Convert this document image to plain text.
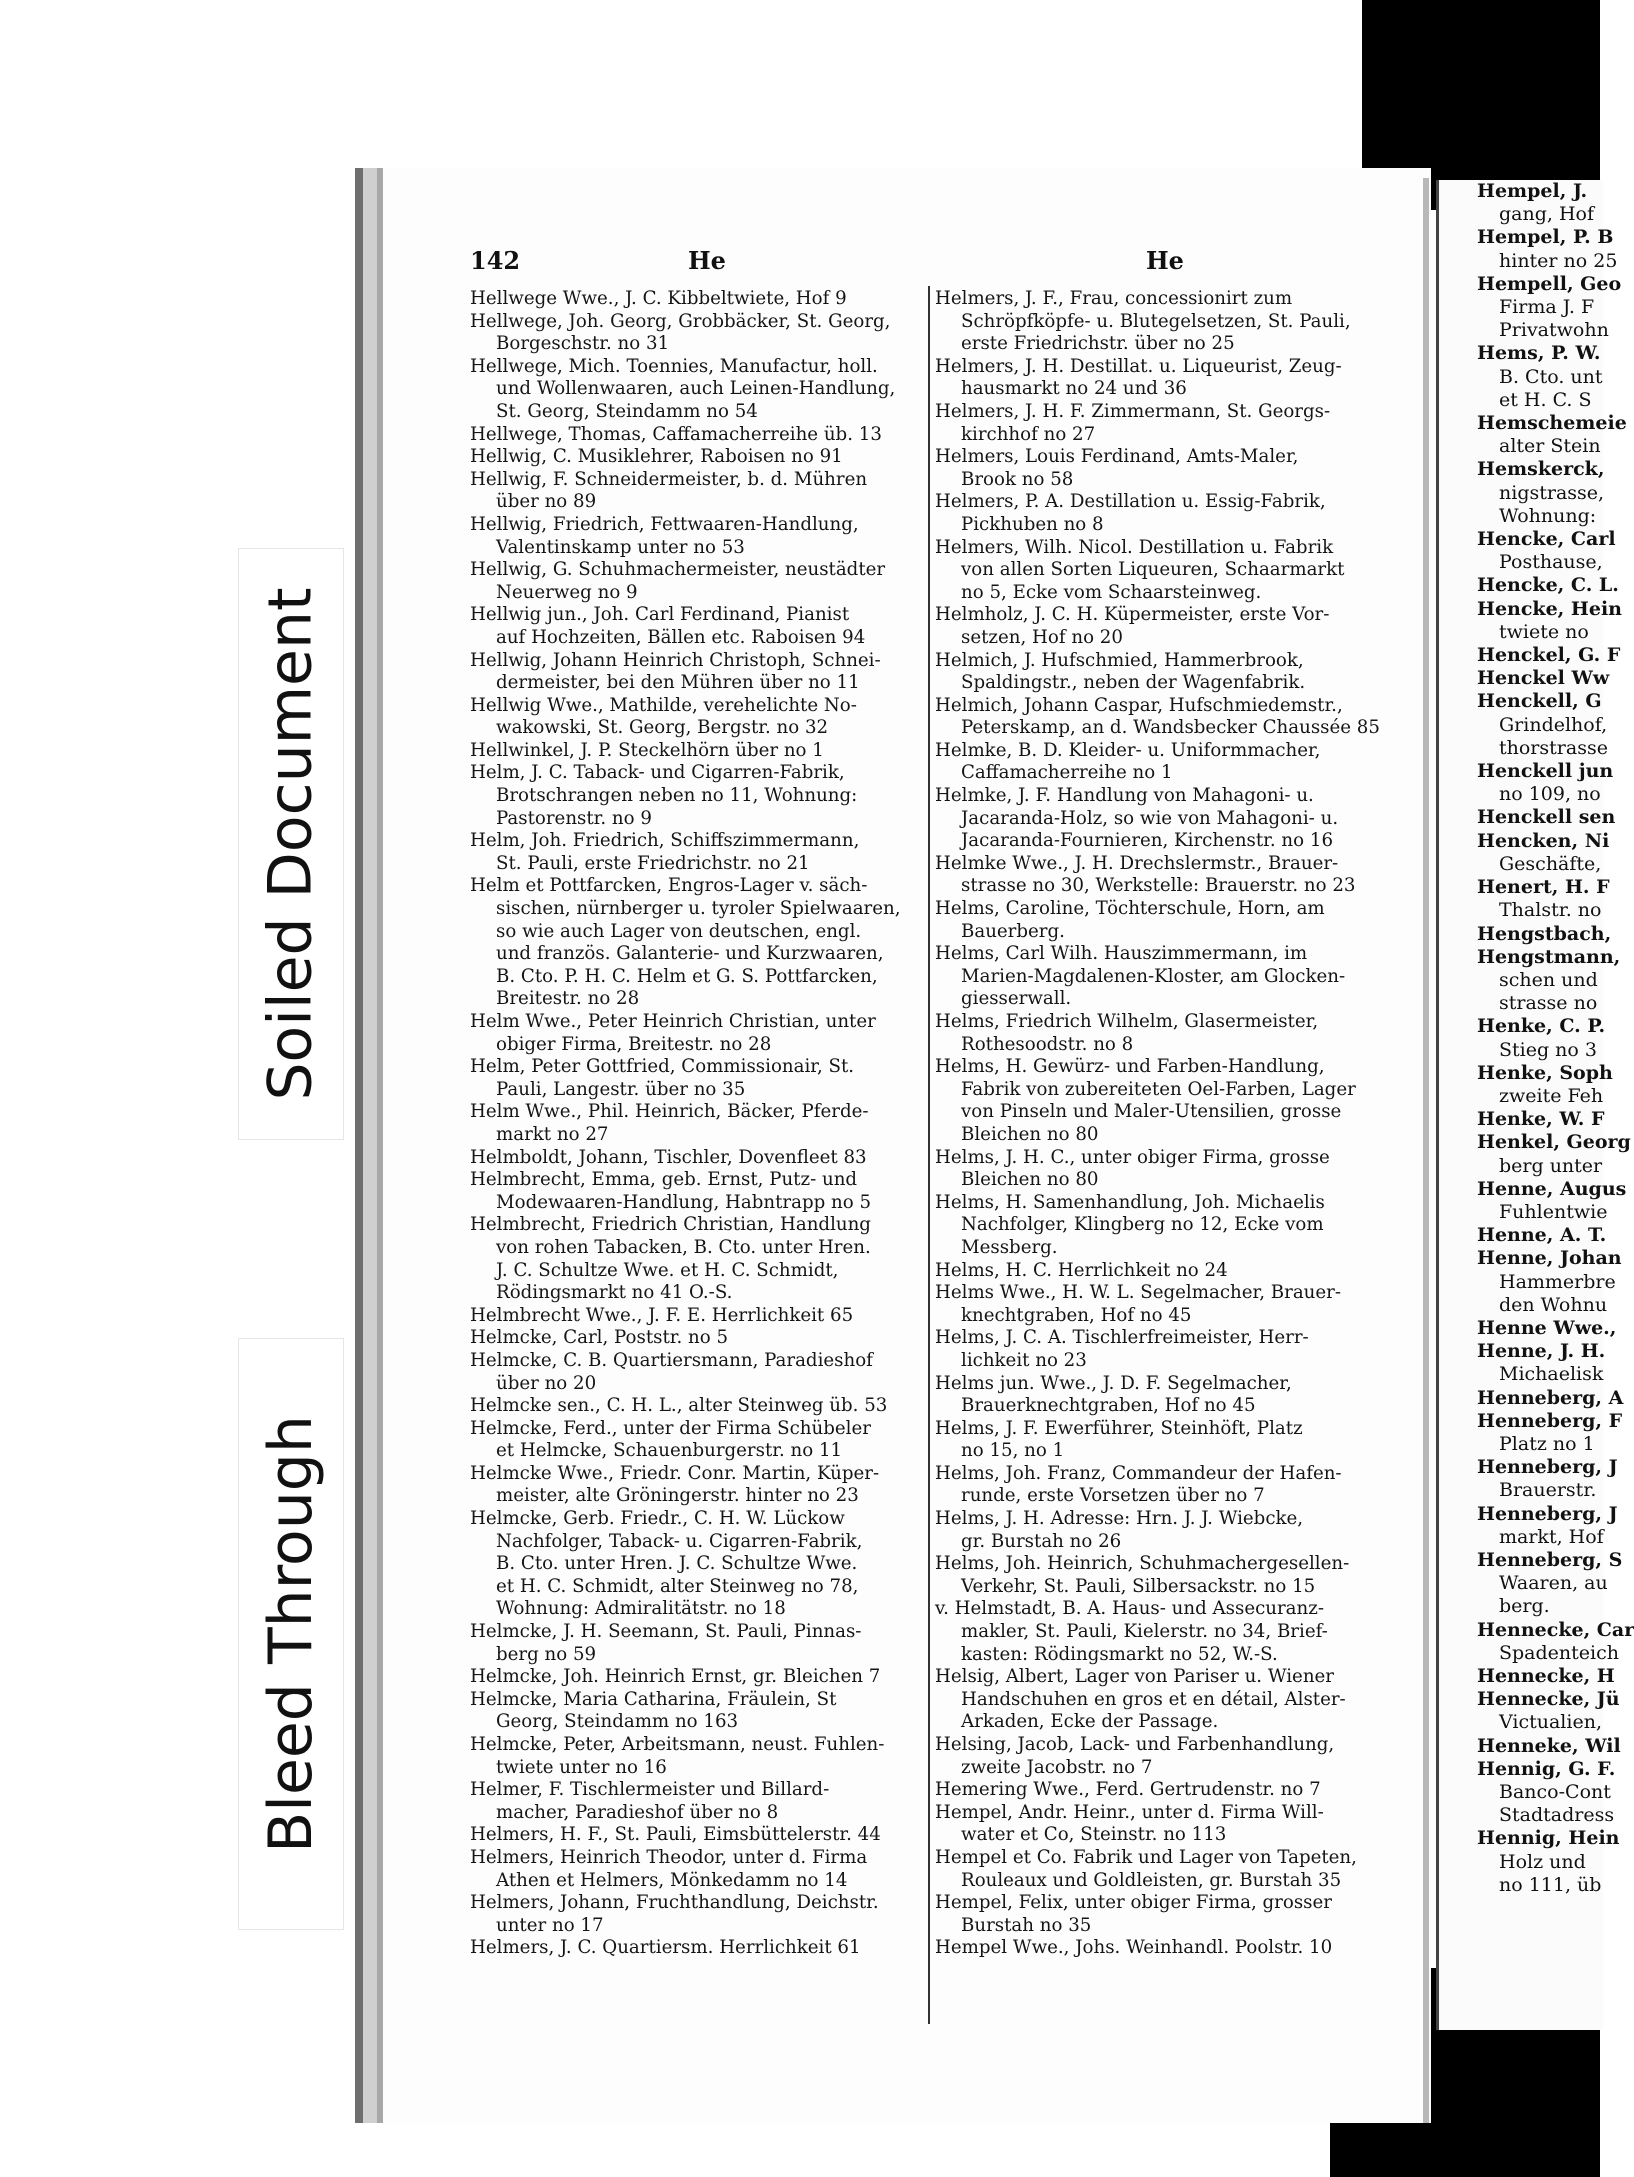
Hempel, J.
gang, Hof
Hempel, P. B
hinter no 25
Hempell, Geo
Firma J. F
Privatwohn
Hems, P. W.
B. Cto. unt
et H. C. S
Hemschemeie
alter Stein
Hemskerck,
nigstrasse,
Wohnung:
Hencke, Carl
Posthause,
Hencke, C. L.
Hencke, Hein
twiete no
Henckel, G. F
Henckel Ww
Henckell, G
Grindelhof,
thorstrasse
Henckell jun
no 109, no
Henckell sen
Hencken, Ni
Geschäfte,
Henert, H. F
Thalstr. no
Hengstbach,
Hengstmann,
schen und
strasse no
Henke, C. P.
Stieg no 3
Henke, Soph
zweite Feh
Henke, W. F
Henkel, Georg
berg unter
Henne, Augus
Fuhlentwie
Henne, A. T.
Henne, Johan
Hammerbre
den Wohnu
Henne Wwe.,
Henne, J. H.
Michaelisk
Henneberg, A
Henneberg, F
Platz no 1
Henneberg, J
Brauerstr.
Henneberg, J
markt, Hof
Henneberg, S
Waaren, au
berg.
Hennecke, Car
Spadenteich
Hennecke, H
Hennecke, Jü
Victualien,
Henneke, Wil
Hennig, G. F.
Banco-Cont
Stadtadress
Hennig, Hein
Holz und
no 111, üb
142	He	He
Hellwege Wwe., J. C. Kibbeltwiete, Hof 9
Hellwege, Joh. Georg, Grobbäcker, St. Georg,
Borgeschstr. no 31
Hellwege, Mich. Toennies, Manufactur, holl.
und Wollenwaaren, auch Leinen-Handlung,
St. Georg, Steindamm no 54
Hellwege, Thomas, Caffamacherreihe üb. 13
Hellwig, C. Musiklehrer, Raboisen no 91
Hellwig, F. Schneidermeister, b. d. Mühren
über no 89
Hellwig, Friedrich, Fettwaaren-Handlung,
Valentinskamp unter no 53
Hellwig, G. Schuhmachermeister, neustädter
Neuerweg no 9
Hellwig jun., Joh. Carl Ferdinand, Pianist
auf Hochzeiten, Bällen etc. Raboisen 94
Hellwig, Johann Heinrich Christoph, Schnei-
dermeister, bei den Mühren über no 11
Hellwig Wwe., Mathilde, verehelichte No-
wakowski, St. Georg, Bergstr. no 32
Hellwinkel, J. P. Steckelhörn über no 1
Helm, J. C. Taback- und Cigarren-Fabrik,
Brotschrangen neben no 11, Wohnung:
Pastorenstr. no 9
Helm, Joh. Friedrich, Schiffszimmermann,
St. Pauli, erste Friedrichstr. no 21
Helm et Pottfarcken, Engros-Lager v. säch-
sischen, nürnberger u. tyroler Spielwaaren,
so wie auch Lager von deutschen, engl.
und französ. Galanterie- und Kurzwaaren,
B. Cto. P. H. C. Helm et G. S. Pottfarcken,
Breitestr. no 28
Helm Wwe., Peter Heinrich Christian, unter
obiger Firma, Breitestr. no 28
Helm, Peter Gottfried, Commissionair, St.
Pauli, Langestr. über no 35
Helm Wwe., Phil. Heinrich, Bäcker, Pferde-
markt no 27
Helmboldt, Johann, Tischler, Dovenfleet 83
Helmbrecht, Emma, geb. Ernst, Putz- und
Modewaaren-Handlung, Habntrapp no 5
Helmbrecht, Friedrich Christian, Handlung
von rohen Tabacken, B. Cto. unter Hren.
J. C. Schultze Wwe. et H. C. Schmidt,
Rödingsmarkt no 41 O.-S.
Helmbrecht Wwe., J. F. E. Herrlichkeit 65
Helmcke, Carl, Poststr. no 5
Helmcke, C. B. Quartiersmann, Paradieshof
über no 20
Helmcke sen., C. H. L., alter Steinweg üb. 53
Helmcke, Ferd., unter der Firma Schübeler
et Helmcke, Schauenburgerstr. no 11
Helmcke Wwe., Friedr. Conr. Martin, Küper-
meister, alte Gröningerstr. hinter no 23
Helmcke, Gerb. Friedr., C. H. W. Lückow
Nachfolger, Taback- u. Cigarren-Fabrik,
B. Cto. unter Hren. J. C. Schultze Wwe.
et H. C. Schmidt, alter Steinweg no 78,
Wohnung: Admiralitätstr. no 18
Helmcke, J. H. Seemann, St. Pauli, Pinnas-
berg no 59
Helmcke, Joh. Heinrich Ernst, gr. Bleichen 7
Helmcke, Maria Catharina, Fräulein, St
Georg, Steindamm no 163
Helmcke, Peter, Arbeitsmann, neust. Fuhlen-
twiete unter no 16
Helmer, F. Tischlermeister und Billard-
macher, Paradieshof über no 8
Helmers, H. F., St. Pauli, Eimsbüttelerstr. 44
Helmers, Heinrich Theodor, unter d. Firma
Athen et Helmers, Mönkedamm no 14
Helmers, Johann, Fruchthandlung, Deichstr.
unter no 17
Helmers, J. C. Quartiersm. Herrlichkeit 61
Helmers, J. F., Frau, concessionirt zum
Schröpfköpfe- u. Blutegelsetzen, St. Pauli,
erste Friedrichstr. über no 25
Helmers, J. H. Destillat. u. Liqueurist, Zeug-
hausmarkt no 24 und 36
Helmers, J. H. F. Zimmermann, St. Georgs-
kirchhof no 27
Helmers, Louis Ferdinand, Amts-Maler,
Brook no 58
Helmers, P. A. Destillation u. Essig-Fabrik,
Pickhuben no 8
Helmers, Wilh. Nicol. Destillation u. Fabrik
von allen Sorten Liqueuren, Schaarmarkt
no 5, Ecke vom Schaarsteinweg.
Helmholz, J. C. H. Küpermeister, erste Vor-
setzen, Hof no 20
Helmich, J. Hufschmied, Hammerbrook,
Spaldingstr., neben der Wagenfabrik.
Helmich, Johann Caspar, Hufschmiedemstr.,
Peterskamp, an d. Wandsbecker Chaussée 85
Helmke, B. D. Kleider- u. Uniformmacher,
Caffamacherreihe no 1
Helmke, J. F. Handlung von Mahagoni- u.
Jacaranda-Holz, so wie von Mahagoni- u.
Jacaranda-Fournieren, Kirchenstr. no 16
Helmke Wwe., J. H. Drechslermstr., Brauer-
strasse no 30, Werkstelle: Brauerstr. no 23
Helms, Caroline, Töchterschule, Horn, am
Bauerberg.
Helms, Carl Wilh. Hauszimmermann, im
Marien-Magdalenen-Kloster, am Glocken-
giesserwall.
Helms, Friedrich Wilhelm, Glasermeister,
Rothesoodstr. no 8
Helms, H. Gewürz- und Farben-Handlung,
Fabrik von zubereiteten Oel-Farben, Lager
von Pinseln und Maler-Utensilien, grosse
Bleichen no 80
Helms, J. H. C., unter obiger Firma, grosse
Bleichen no 80
Helms, H. Samenhandlung, Joh. Michaelis
Nachfolger, Klingberg no 12, Ecke vom
Messberg.
Helms, H. C. Herrlichkeit no 24
Helms Wwe., H. W. L. Segelmacher, Brauer-
knechtgraben, Hof no 45
Helms, J. C. A. Tischlerfreimeister, Herr-
lichkeit no 23
Helms jun. Wwe., J. D. F. Segelmacher,
Brauerknechtgraben, Hof no 45
Helms, J. F. Ewerführer, Steinhöft, Platz
no 15, no 1
Helms, Joh. Franz, Commandeur der Hafen-
runde, erste Vorsetzen über no 7
Helms, J. H. Adresse: Hrn. J. J. Wiebcke,
gr. Burstah no 26
Helms, Joh. Heinrich, Schuhmachergesellen-
Verkehr, St. Pauli, Silbersackstr. no 15
v. Helmstadt, B. A. Haus- und Assecuranz-
makler, St. Pauli, Kielerstr. no 34, Brief-
kasten: Rödingsmarkt no 52, W.-S.
Helsig, Albert, Lager von Pariser u. Wiener
Handschuhen en gros et en détail, Alster-
Arkaden, Ecke der Passage.
Helsing, Jacob, Lack- und Farbenhandlung,
zweite Jacobstr. no 7
Hemering Wwe., Ferd. Gertrudenstr. no 7
Hempel, Andr. Heinr., unter d. Firma Will-
water et Co, Steinstr. no 113
Hempel et Co. Fabrik und Lager von Tapeten,
Rouleaux und Goldleisten, gr. Burstah 35
Hempel, Felix, unter obiger Firma, grosser
Burstah no 35
Hempel Wwe., Johs. Weinhandl. Poolstr. 10
Soiled Document
Bleed Through
